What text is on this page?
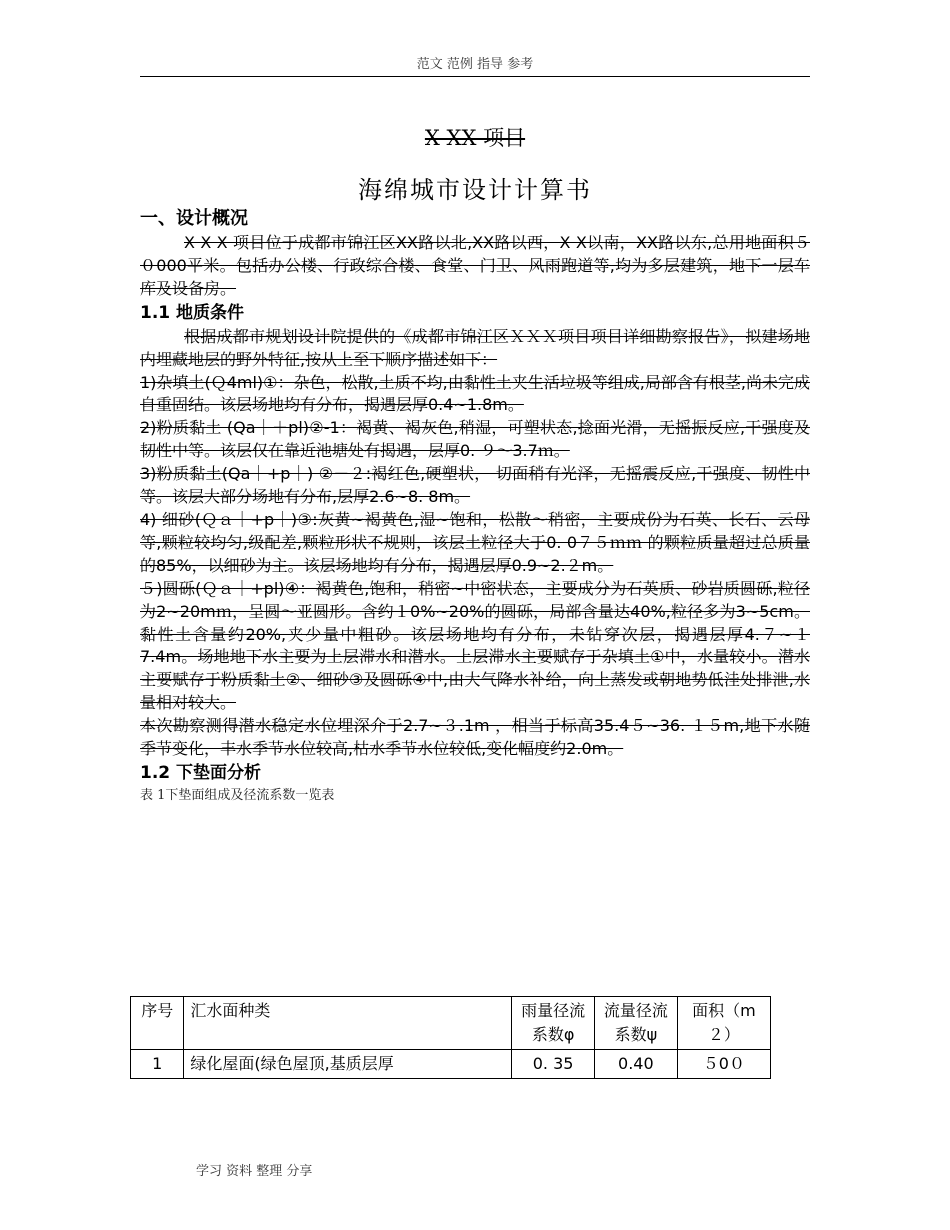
范文 范例 指导 参考
X XX 项目
海绵城市设计计算书
一、设计概况

X X X 项目位于成都市锦江区XX路以北,XX路以西，X X以南，XX路以东,总用地面积５０000平米。包括办公楼、行政综合楼、食堂、门卫、风雨跑道等,均为多层建筑，地下一层车库及设备房。

1.1 地质条件

根据成都市规划设计院提供的《成都市锦江区ＸＸＸ项目项目详细勘察报告》，拟建场地内埋藏地层的野外特征,按从上至下顺序描述如下：

1)杂填土(Ｑ4ml)①：杂色，松散,土质不均,由黏性土夹生活垃圾等组成,局部含有根茎,尚未完成自重固结。该层场地均有分布，揭遇层厚0.4~1.8m。

2)粉质黏土 (Qa｜＋pl)②-1：褐黄、褐灰色,稍湿，可塑状态,捻面光滑，无摇振反应,干强度及韧性中等。该层仅在靠近池塘处有揭遇，层厚0. ９～3.7ｍ。

3)粉质黏土(Qa｜+p｜) ②－２:褐红色,硬塑状， 切面稍有光泽，无摇震反应,干强度、韧性中等。该层大部分场地有分布,层厚2.6~8. 8m。

4) 细砂(Ｑａ｜+p｜)③:灰黄~褐黄色,湿~饱和，松散～稍密，主要成份为石英、长石、云母等,颗粒较均匀,级配差,颗粒形状不规则，该层土粒径大于0. 0７５ｍｍ 的颗粒质量超过总质量的85%，以细砂为主。该层场地均有分布，揭遇层厚0.9~2.２m。

５)圆砾(Ｑａ｜+pl)④：褐黄色,饱和，稍密~中密状态，主要成分为石英质、砂岩质圆砾,粒径为2~20mｍ，呈圆～亚圆形。含约１0%~20%的圆砾，局部含量达40%,粒径多为3~5cm。黏性土含量约20%,夹少量中粗砂。该层场地均有分布，未钻穿次层，揭遇层厚4.７~１7.4m。场地地下水主要为上层滞水和潜水。上层滞水主要赋存于杂填土①中，水量较小。潜水主要赋存于粉质黏土②、细砂③及圆砾④中,由大气降水补给，向上蒸发或朝地势低洼处排泄,水量相对较大。

本次勘察测得潜水稳定水位埋深介于2.7~３.1m ，相当于标高35.4５~36. １５m,地下水随季节变化，丰水季节水位较高,枯水季节水位较低,变化幅度约2.0m。

1.2 下垫面分析
表 1下垫面组成及径流系数一览表
序号	汇水面种类	雨量径流系数φ	流量径流系数ψ	面积（m２）
1	绿化屋面(绿色屋顶,基质层厚	0. 35	0.40	５0０
学习 资料 整理 分享
